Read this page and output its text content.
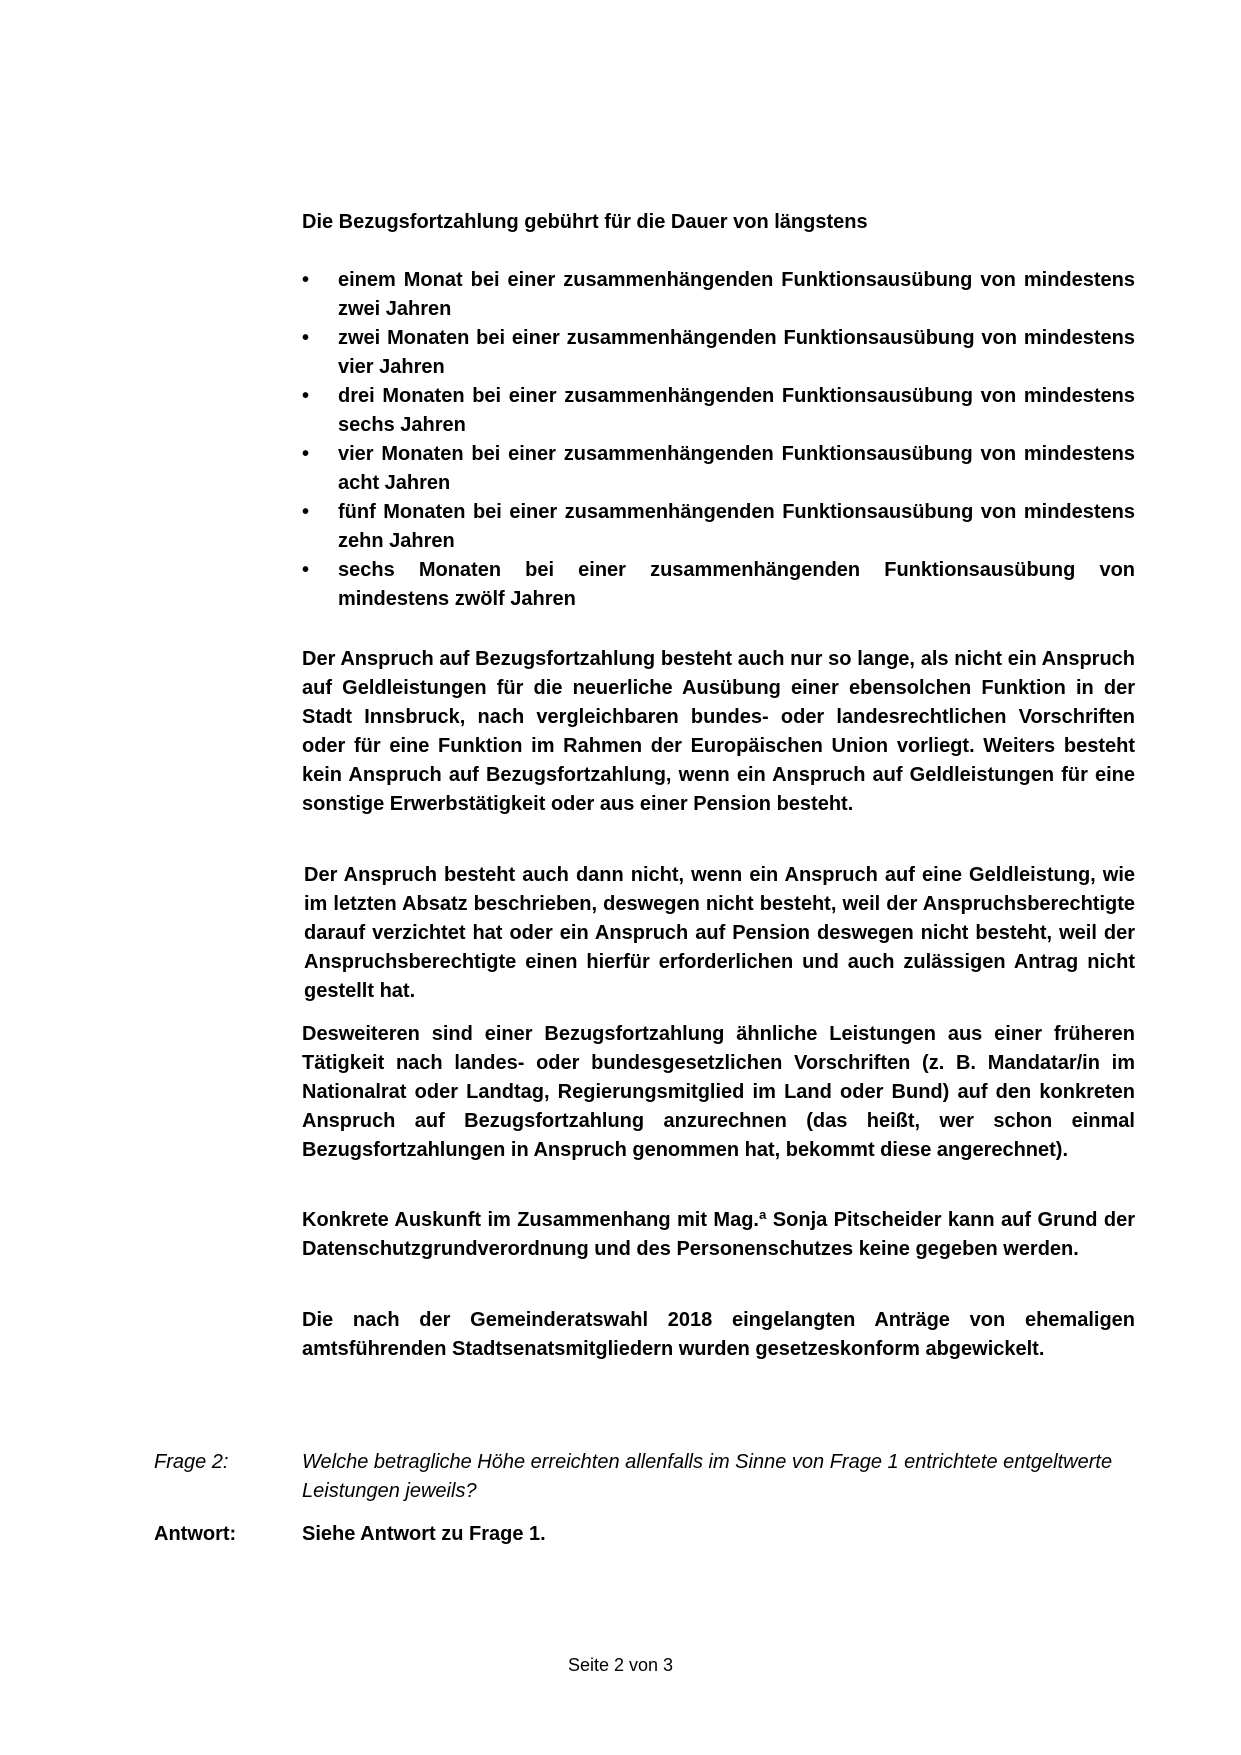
Die Bezugsfortzahlung gebührt für die Dauer von längstens
• einem Monat bei einer zusammenhängenden Funktionsausübung von mindestens zwei Jahren
• zwei Monaten bei einer zusammenhängenden Funktionsausübung von mindestens vier Jahren
• drei Monaten bei einer zusammenhängenden Funktionsausübung von mindestens sechs Jahren
• vier Monaten bei einer zusammenhängenden Funktionsausübung von mindestens acht Jahren
• fünf Monaten bei einer zusammenhängenden Funktionsausübung von mindestens zehn Jahren
• sechs Monaten bei einer zusammenhängenden Funktionsausübung von mindestens zwölf Jahren
Der Anspruch auf Bezugsfortzahlung besteht auch nur so lange, als nicht ein Anspruch auf Geldleistungen für die neuerliche Ausübung einer ebensolchen Funktion in der Stadt Innsbruck, nach vergleichbaren bundes- oder landesrechtlichen Vorschriften oder für eine Funktion im Rahmen der Europäischen Union vorliegt. Weiters besteht kein Anspruch auf Bezugsfortzahlung, wenn ein Anspruch auf Geldleistungen für eine sonstige Erwerbstätigkeit oder aus einer Pension besteht.
Der Anspruch besteht auch dann nicht, wenn ein Anspruch auf eine Geldleistung, wie im letzten Absatz beschrieben, deswegen nicht besteht, weil der Anspruchsberechtigte darauf verzichtet hat oder ein Anspruch auf Pension deswegen nicht besteht, weil der Anspruchsberechtigte einen hierfür erforderlichen und auch zulässigen Antrag nicht gestellt hat.
Desweiteren sind einer Bezugsfortzahlung ähnliche Leistungen aus einer früheren Tätigkeit nach landes- oder bundesgesetzlichen Vorschriften (z. B. Mandatar/in im Nationalrat oder Landtag, Regierungsmitglied im Land oder Bund) auf den konkreten Anspruch auf Bezugsfortzahlung anzurechnen (das heißt, wer schon einmal Bezugsfortzahlungen in Anspruch genommen hat, bekommt diese angerechnet).
Konkrete Auskunft im Zusammenhang mit Mag.ª Sonja Pitscheider kann auf Grund der Datenschutzgrundverordnung und des Personenschutzes keine gegeben werden.
Die nach der Gemeinderatswahl 2018 eingelangten Anträge von ehemaligen amtsführenden Stadtsenatsmitgliedern wurden gesetzeskonform abgewickelt.
Frage 2:	Welche betragliche Höhe erreichten allenfalls im Sinne von Frage 1 entrichtete entgeltwerte Leistungen jeweils?
Antwort:	Siehe Antwort zu Frage 1.
Seite 2 von 3
